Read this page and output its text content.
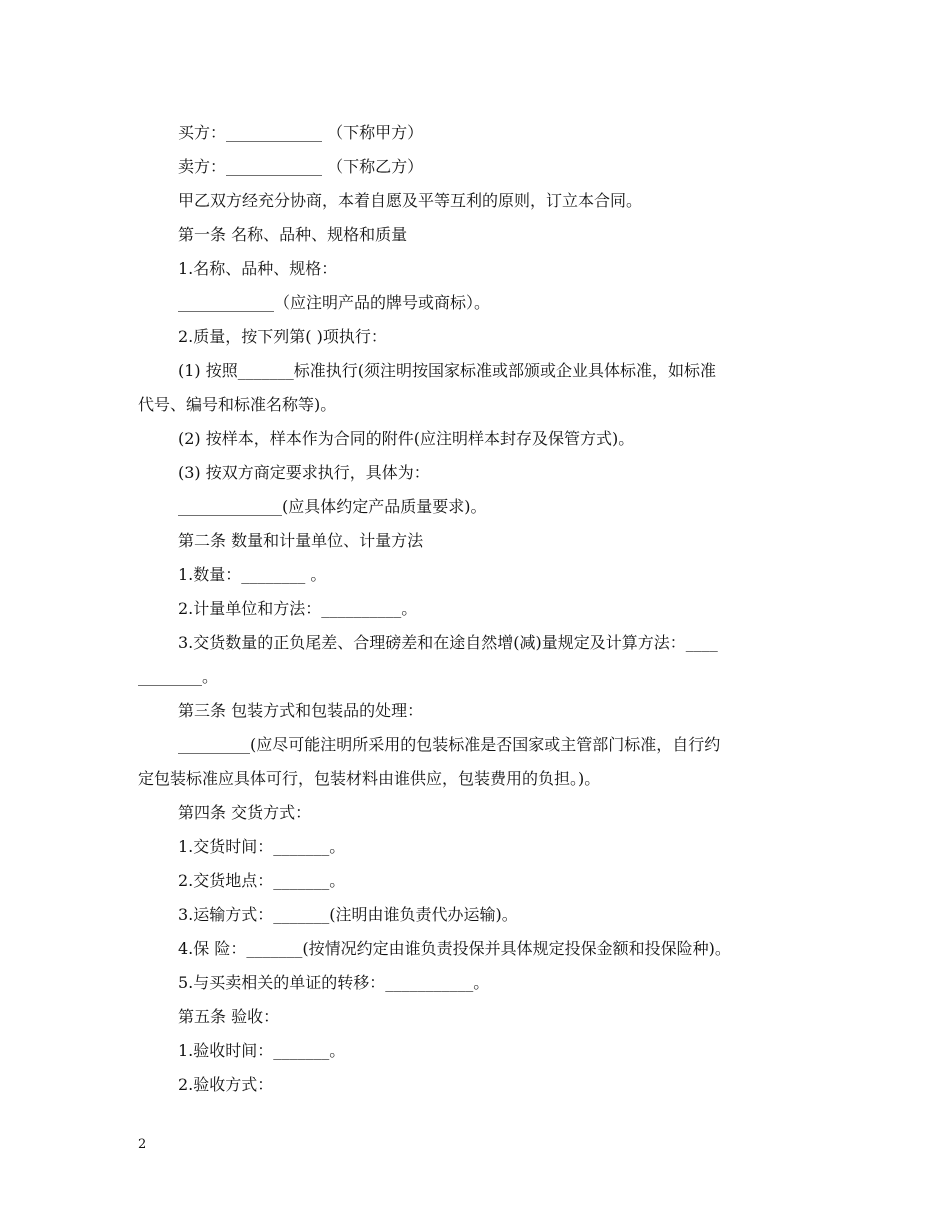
买方：____________ （下称甲方）
卖方：____________ （下称乙方）
甲乙双方经充分协商，本着自愿及平等互利的原则，订立本合同。
第一条 名称、品种、规格和质量
1.名称、品种、规格：
____________（应注明产品的牌号或商标）。
2.质量，按下列第( )项执行：
(1) 按照_______标准执行(须注明按国家标准或部颁或企业具体标准，如标准
代号、编号和标准名称等)。
(2) 按样本，样本作为合同的附件(应注明样本封存及保管方式)。
(3) 按双方商定要求执行，具体为：
_____________(应具体约定产品质量要求)。
第二条 数量和计量单位、计量方法
1.数量：________ 。
2.计量单位和方法：__________。
3.交货数量的正负尾差、合理磅差和在途自然增(减)量规定及计算方法：____
________。
第三条 包装方式和包装品的处理：
_________(应尽可能注明所采用的包装标准是否国家或主管部门标准，自行约
定包装标准应具体可行，包装材料由谁供应，包装费用的负担。)。
第四条 交货方式：
1.交货时间：_______。
2.交货地点：_______。
3.运输方式：_______(注明由谁负责代办运输)。
4.保 险：_______(按情况约定由谁负责投保并具体规定投保金额和投保险种)。
5.与买卖相关的单证的转移：___________。
第五条 验收：
1.验收时间：_______。
2.验收方式：
2
